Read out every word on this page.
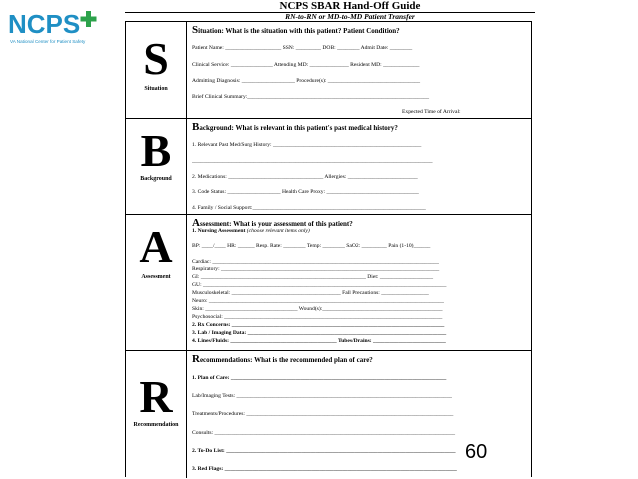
NCPS
VA National Center for Patient Safety
NCPS SBAR Hand-Off Guide
RN-to-RN or MD-to-MD Patient Transfer
S
Situation
Situation: What is the situation with this patient? Patient Condition?
Patient Name: ____________________ SSN: _________ DOB: ________ Admit Date: ________
Clinical Service: _______________ Attending MD: ______________ Resident MD: _____________
Admitting Diagnosis: ___________________ Procedure(s): _________________________________
Brief Clinical Summary:_________________________________________________________________
Expected Time of Arrival:
B
Background
Background: What is relevant in this patient's past medical history?
1. Relevant Past Med/Surg History: _____________________________________________________
______________________________________________________________________________________
2. Medications: __________________________________ Allergies: _________________________
3. Code Status: ___________________ Health Care Proxy: _________________________________
4. Family / Social Support:______________________________________________________________
A
Assessment
Assessment: What is your assessment of this patient?
1. Nursing Assessment (choose relevant items only)
BP: ____/____ HR: ______ Resp. Rate: ________ Temp: ________ SaO2: _________ Pain (1-10)______
Cardiac: _________________________________________________________________________________
Respiratory: ______________________________________________________________________________
GI: ___________________________________________________________ Diet: ___________________
GU: _______________________________________________________________________________________
Musculoskeletal: _______________________________________ Fall Precautions: _________________
Neuro: ____________________________________________________________________________________
Skin: _________________________________ Wound(s):___________________________________________
Psychosocial: ______________________________________________________________________________
2. Rx Concerns: ____________________________________________________________________________
3. Lab / Imaging Data: _______________________________________________________________________
4. Lines/Fluids: ______________________________________ Tubes/Drains: __________________________
R
Recommendation
Recommendations: What is the recommended plan of care?
1. Plan of Care: _____________________________________________________________________________
Lab/Imaging Tests: _____________________________________________________________________________
Treatments/Procedures: __________________________________________________________________________
Consults: ______________________________________________________________________________________
2. To-Do List: __________________________________________________________________________________
3. Red Flags: ___________________________________________________________________________________
60
